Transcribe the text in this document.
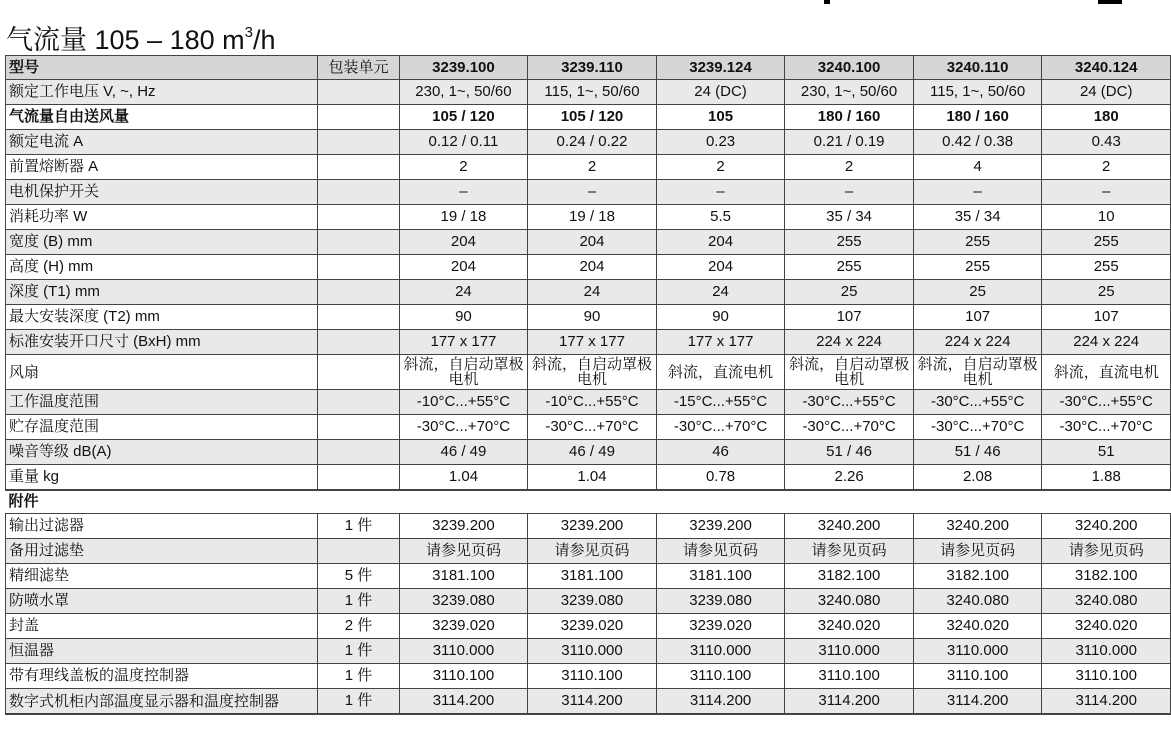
气流量 105 – 180 $m^3/h$
型号	包装单元	3239.100	3239.110	3239.124	3240.100	3240.110	3240.124
额定工作电压 V, ~, Hz		230, 1~, 50/60	115, 1~, 50/60	24 (DC)	230, 1~, 50/60	115, 1~, 50/60	24 (DC)
气流量自由送风量		105 / 120	105 / 120	105	180 / 160	180 / 160	180
额定电流 A		0.12 / 0.11	0.24 / 0.22	0.23	0.21 / 0.19	0.42 / 0.38	0.43
前置熔断器 A		2	2	2	2	4	2
电机保护开关		–	–	–	–	–	–
消耗功率 W		19 / 18	19 / 18	5.5	35 / 34	35 / 34	10
宽度 (B) mm		204	204	204	255	255	255
高度 (H) mm		204	204	204	255	255	255
深度 (T1) mm		24	24	24	25	25	25
最大安装深度 (T2) mm		90	90	90	107	107	107
标准安装开口尺寸 (BxH) mm		177 x 177	177 x 177	177 x 177	224 x 224	224 x 224	224 x 224
风扇		斜流，自启动罩极电机	斜流，自启动罩极电机	斜流，直流电机	斜流，自启动罩极电机	斜流，自启动罩极电机	斜流，直流电机
工作温度范围		-10°C...+55°C	-10°C...+55°C	-15°C...+55°C	-30°C...+55°C	-30°C...+55°C	-30°C...+55°C
贮存温度范围		-30°C...+70°C	-30°C...+70°C	-30°C...+70°C	-30°C...+70°C	-30°C...+70°C	-30°C...+70°C
噪音等级 dB(A)		46 / 49	46 / 49	46	51 / 46	51 / 46	51
重量 kg		1.04	1.04	0.78	2.26	2.08	1.88
附件							
输出过滤器	1 件	3239.200	3239.200	3239.200	3240.200	3240.200	3240.200
备用过滤垫		请参见页码	请参见页码	请参见页码	请参见页码	请参见页码	请参见页码
精细滤垫	5 件	3181.100	3181.100	3181.100	3182.100	3182.100	3182.100
防喷水罩	1 件	3239.080	3239.080	3239.080	3240.080	3240.080	3240.080
封盖	2 件	3239.020	3239.020	3239.020	3240.020	3240.020	3240.020
恒温器	1 件	3110.000	3110.000	3110.000	3110.000	3110.000	3110.000
带有理线盖板的温度控制器	1 件	3110.100	3110.100	3110.100	3110.100	3110.100	3110.100
数字式机柜内部温度显示器和温度控制器	1 件	3114.200	3114.200	3114.200	3114.200	3114.200	3114.200
